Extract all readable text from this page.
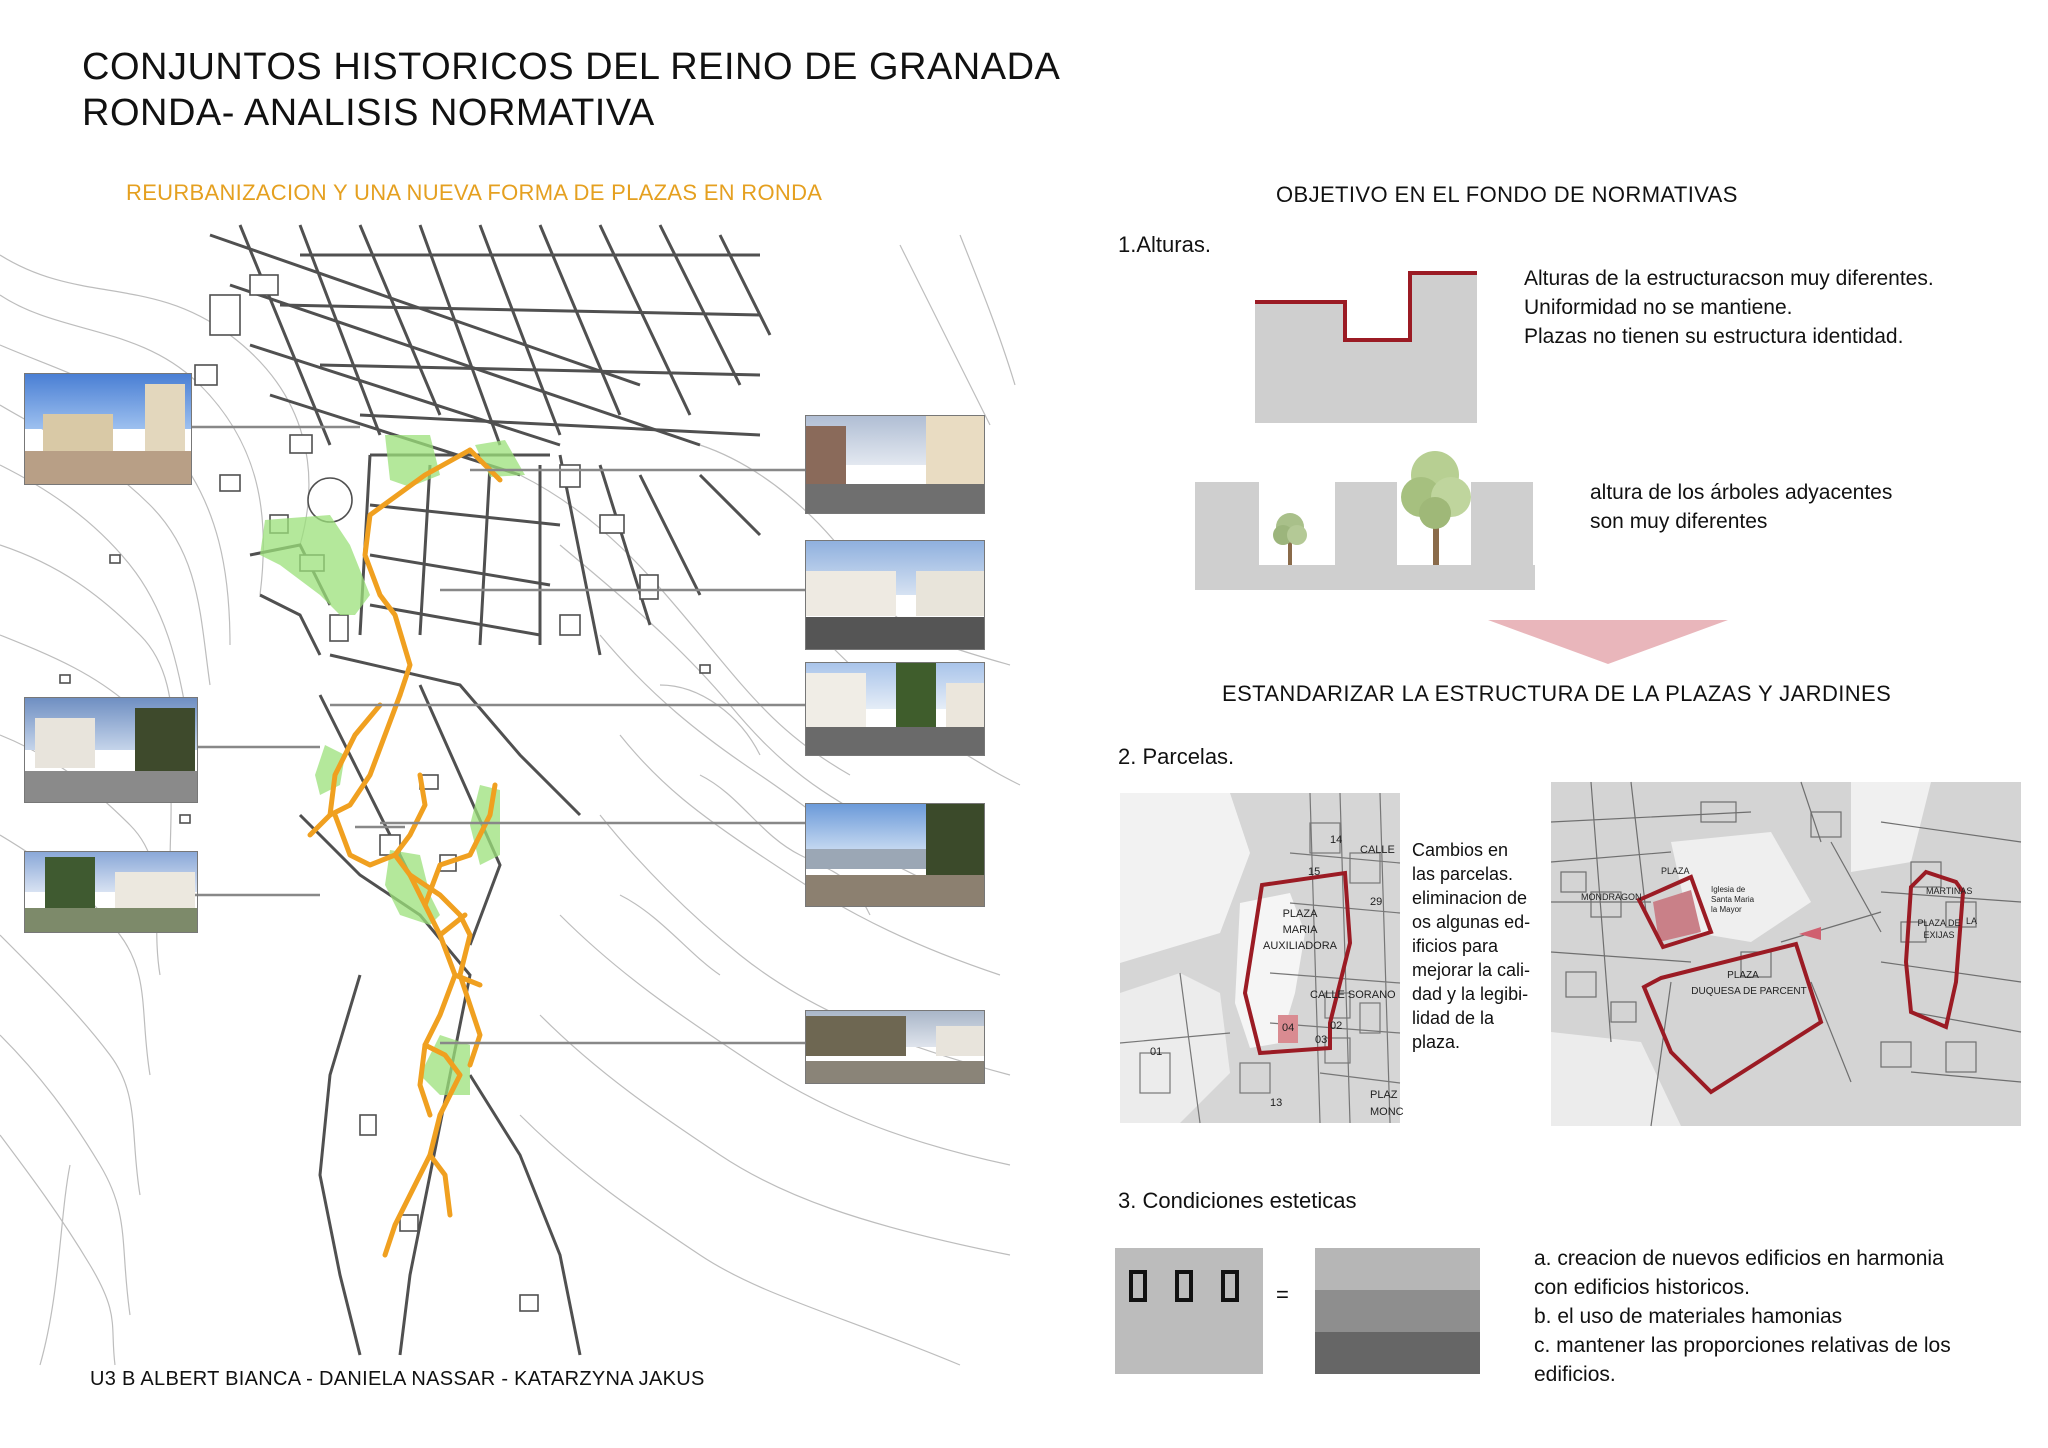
CONJUNTOS HISTORICOS DEL REINO DE GRANADA
RONDA- ANALISIS NORMATIVA
REURBANIZACION Y UNA NUEVA FORMA DE PLAZAS EN RONDA	OBJETIVO EN EL FONDO DE NORMATIVAS
1.Alturas.
Alturas de la estructuracson muy diferentes.
Uniformidad no se mantiene.
Plazas no tienen su estructura identidad.
altura de los árboles adyacentes
son muy diferentes
ESTANDARIZAR LA ESTRUCTURA DE LA PLAZAS Y JARDINES
2. Parcelas.
PLAZA
MARIA
AUXILIADORA
CALLE SORANO
15
14
01
13
29
02
03
04
CALLE
PLAZ
MONC
Cambios en
las parcelas.
eliminacion de
os algunas ed-
ificios para
mejorar la cali-
dad y la legibi-
lidad de la
plaza.
PLAZA
DUQUESA DE PARCENT
PLAZA DE LA
EXIJAS
MARTINAS
PLAZA
MONDRAGON
Iglesia de
Santa Maria
la Mayor
3. Condiciones esteticas
=
a. creacion de nuevos edificios en harmonia
con edificios historicos.
b. el uso de materiales hamonias
c. mantener las proporciones relativas de los
edificios.
U3 B ALBERT BIANCA - DANIELA NASSAR - KATARZYNA JAKUS
